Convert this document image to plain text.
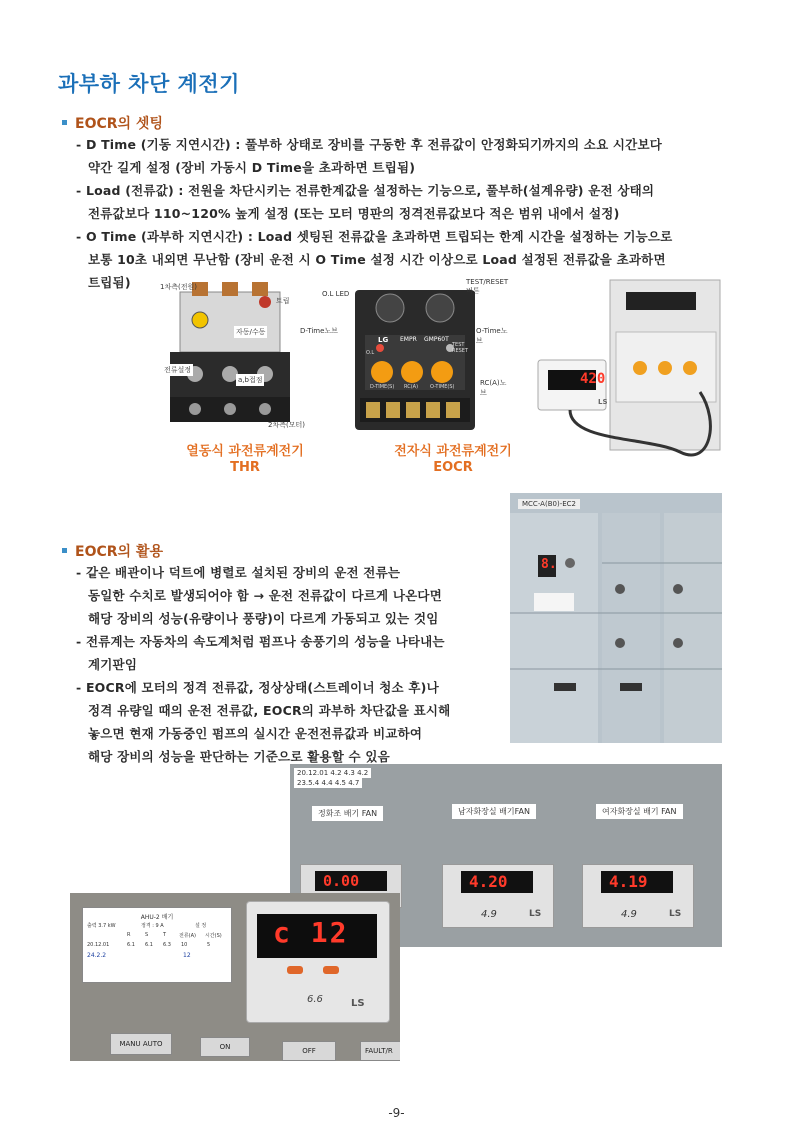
과부하 차단 계전기
EOCR의 셋팅
- D Time (기동 지연시간) : 풀부하 상태로 장비를 구동한 후 전류값이 안정화되기까지의 소요 시간보다
약간 길게 설정 (장비 가동시 D Time을 초과하면 트립됨)
- Load (전류값) : 전원을 차단시키는 전류한계값을 설정하는 기능으로, 풀부하(설계유량) 운전 상태의
전류값보다 110~120% 높게 설정 (또는 모터 명판의 정격전류값보다 적은 범위 내에서 설정)
- O Time (과부하 지연시간) : Load 셋팅된 전류값을 초과하면 트립되는 한계 시간을 설정하는 기능으로
보통 10초 내외면 무난함 (장비 운전 시 O Time 설정 시간 이상으로 Load 설정된 전류값을 초과하면
트립됨)	1차측(전원)
트립
자동/수동
전류설정
a,b접점
2차측(모터)
열동식 과전류계전기
THR
O.L LED
TEST/RESET 버튼
D-Time노브	O-Time노브
RC(A)노브
LG EMPR GMP60T
D-TIME(S) RC(A) O-TIME(S)
O.L
TEST RESET
전자식 과전류계전기
EOCR
420
LS
EOCR의 활용
- 같은 배관이나 덕트에 병렬로 설치된 장비의 운전 전류는
동일한 수치로 발생되어야 함 → 운전 전류값이 다르게 나온다면
해당 장비의 성능(유량이나 풍량)이 다르게 가동되고 있는 것임
- 전류계는 자동차의 속도계처럼 펌프나 송풍기의 성능을 나타내는
계기판임
- EOCR에 모터의 정격 전류값, 정상상태(스트레이너 청소 후)나
정격 유량일 때의 운전 전류값, EOCR의 과부하 차단값을 표시해
놓으면 현재 가동중인 펌프의 실시간 운전전류값과 비교하여
해당 장비의 성능을 판단하는 기준으로 활용할 수 있음
MCC-A(B0)-EC2
8.
20.12.01 4.2 4.3 4.2
23.5.4 4.4 4.5 4.7
정화조 배기 FAN	남자화장실 배기FAN	여자화장실 배기 FAN
0.00	4.20
4.9	LS
4.19
4.9	LS
AHU-2 배기
출력 3.7 kW	정격 : 9 A	설 정
R	S	T	전류(A) 시간(S)
20.12.01	6.1 6.1 6.3 10	5
24.2.2	12
c 12
6.6	LS
MANU AUTO	ON	OFF	FAULT/R
-9-
